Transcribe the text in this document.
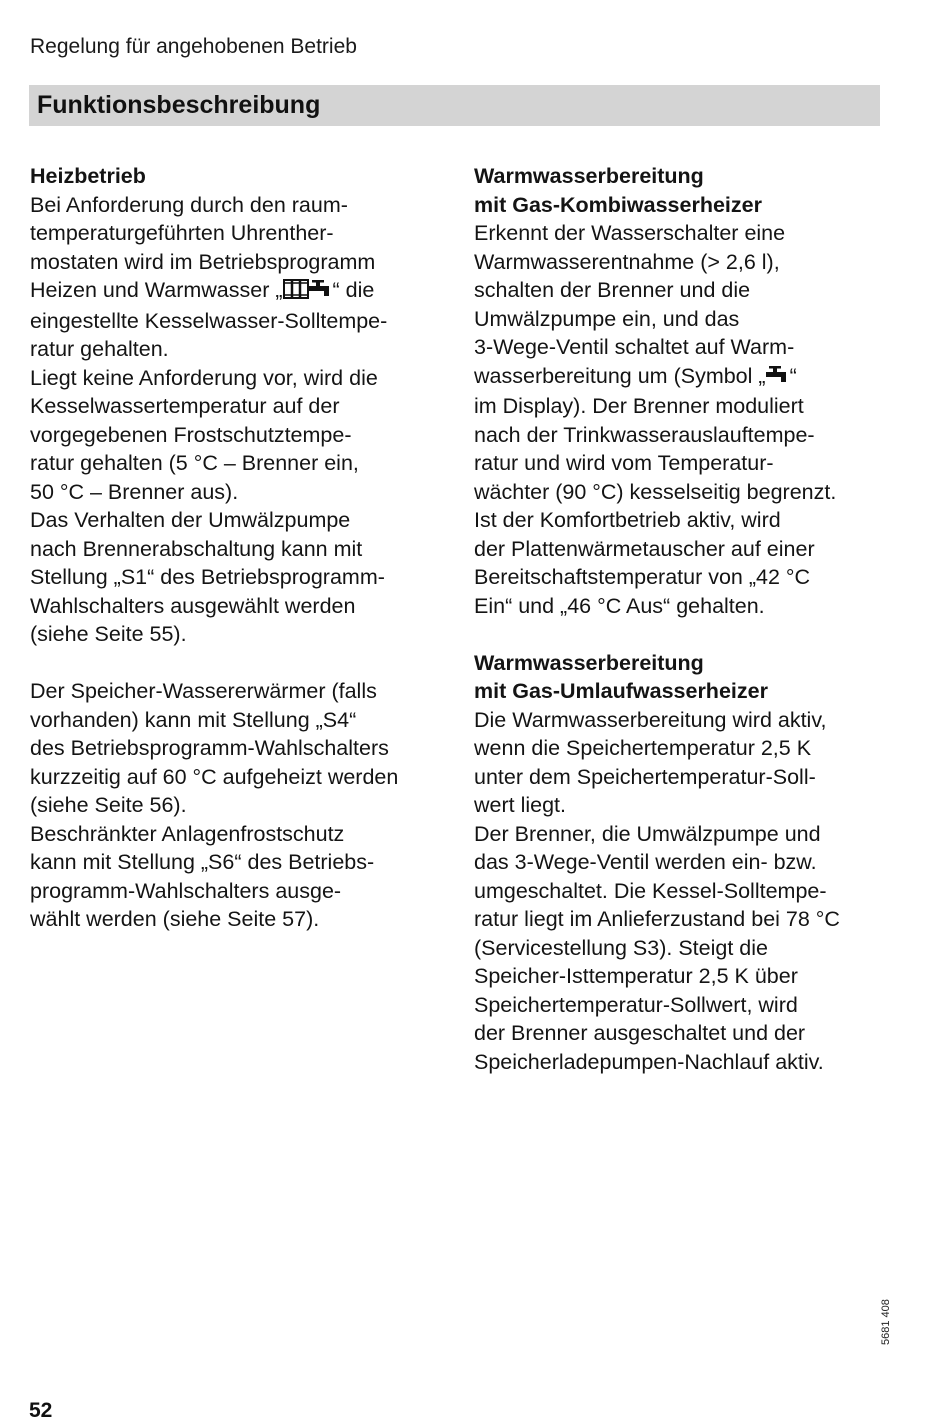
Regelung für angehobenen Betrieb
Funktionsbeschreibung
Heizbetrieb
Bei Anforderung durch den raum-
temperaturgeführten Uhrenther-
mostaten wird im Betriebsprogramm
Heizen und Warmwasser „ “ die
eingestellte Kesselwasser-Solltempe-
ratur gehalten.
Liegt keine Anforderung vor, wird die
Kesselwassertemperatur auf der
vorgegebenen Frostschutztempe-
ratur gehalten (5 °C – Brenner ein,
50 °C – Brenner aus).
Das Verhalten der Umwälzpumpe
nach Brennerabschaltung kann mit
Stellung „S1“ des Betriebsprogramm-
Wahlschalters ausgewählt werden
(siehe Seite 55).
Der Speicher-Wassererwärmer (falls
vorhanden) kann mit Stellung „S4“
des Betriebsprogramm-Wahlschalters
kurzzeitig auf 60 °C aufgeheizt werden
(siehe Seite 56).
Beschränkter Anlagenfrostschutz
kann mit Stellung „S6“ des Betriebs-
programm-Wahlschalters ausge-
wählt werden (siehe Seite 57).
Warmwasserbereitung
mit Gas-Kombiwasserheizer
Erkennt der Wasserschalter eine
Warmwasserentnahme (> 2,6 l),
schalten der Brenner und die
Umwälzpumpe ein, und das
3-Wege-Ventil schaltet auf Warm-
wasserbereitung um (Symbol „ “
im Display). Der Brenner moduliert
nach der Trinkwasserauslauftempe-
ratur und wird vom Temperatur-
wächter (90 °C) kesselseitig begrenzt.
Ist der Komfortbetrieb aktiv, wird
der Plattenwärmetauscher auf einer
Bereitschaftstemperatur von „42 °C
Ein“ und „46 °C Aus“ gehalten.
Warmwasserbereitung
mit Gas-Umlaufwasserheizer
Die Warmwasserbereitung wird aktiv,
wenn die Speichertemperatur 2,5 K
unter dem Speichertemperatur-Soll-
wert liegt.
Der Brenner, die Umwälzpumpe und
das 3-Wege-Ventil werden ein- bzw.
umgeschaltet. Die Kessel-Solltempe-
ratur liegt im Anlieferzustand bei 78 °C
(Servicestellung S3). Steigt die
Speicher-Isttemperatur 2,5 K über
Speichertemperatur-Sollwert, wird
der Brenner ausgeschaltet und der
Speicherladepumpen-Nachlauf aktiv.
5681 408
52
